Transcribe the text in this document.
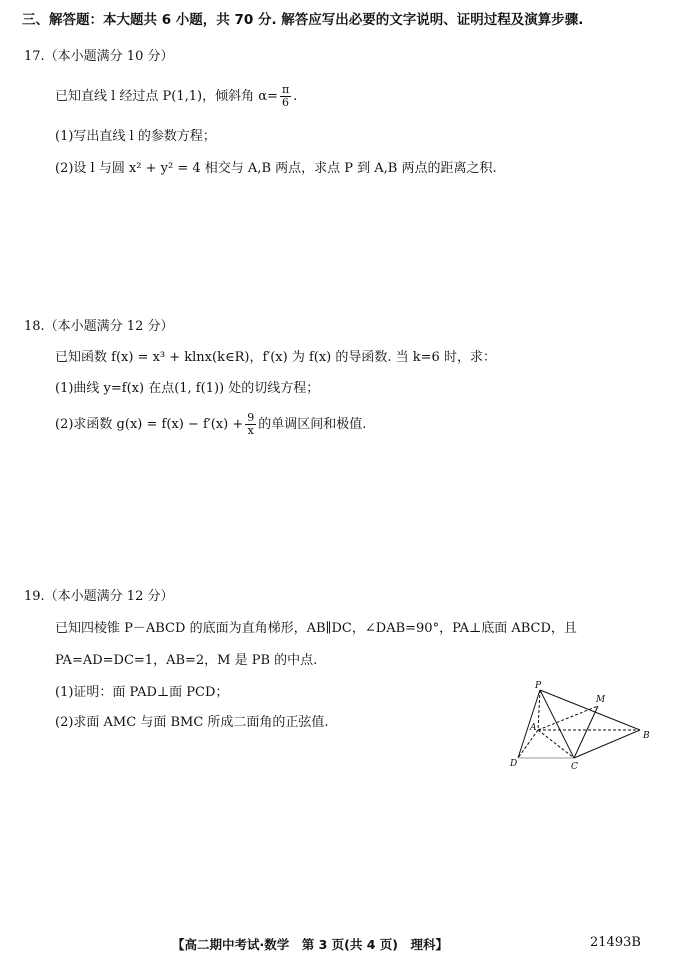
三、解答题：本大题共 6 小题，共 70 分. 解答应写出必要的文字说明、证明过程及演算步骤.
17.（本小题满分 10 分）
已知直线 l 经过点 P(1,1)，倾斜角 $\alpha= \frac{\pi}{6}$ .
(1)写出直线 l 的参数方程；
(2)设 l 与圆 x² + y² = 4 相交与 A,B 两点，求点 P 到 A,B 两点的距离之积.
18.（本小题满分 12 分）
已知函数 f(x) = x³ + klnx(k∈R)，f′(x) 为 f(x) 的导函数. 当 k=6 时，求：
(1)曲线 y=f(x) 在点(1, f(1)) 处的切线方程；
(2)求函数 $g(x) = f(x) - f'(x) + \frac{9}{x}$ 的单调区间和极值.
19.（本小题满分 12 分）
已知四棱锥 P－ABCD 的底面为直角梯形，AB∥DC，∠DAB=90°，PA⊥底面 ABCD，且
PA=AD=DC=1，AB=2，M 是 PB 的中点.
(1)证明：面 PAD⊥面 PCD；
(2)求面 AMC 与面 BMC 所成二面角的正弦值.
P
M
A
B
C
D
【高二期中考试·数学　第 3 页(共 4 页)　理科】	21493B
